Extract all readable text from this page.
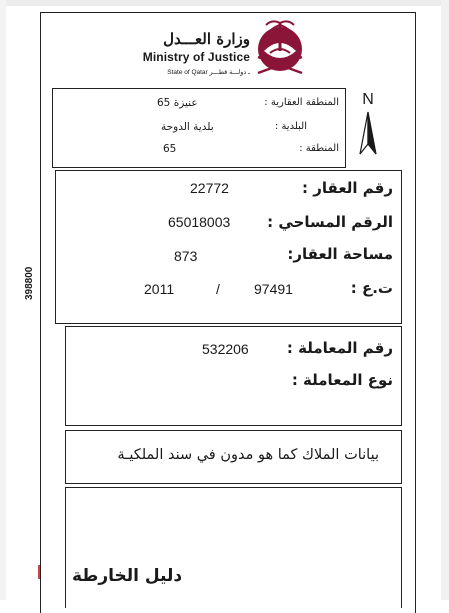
وزارة العـــدل
Ministry of Justice
State of Qatar ـ دولـــة قطـــر
398800
N
المنطقة العقارية :
عنيزة 65
البلدية :
بلدية الدوحة
المنطقة :
65
رقم العقار :
22772
الرقم المساحي :
65018003
مساحة العقار:
873
ت.ع :
97491
/
2011
رقم المعاملة :
532206
نوع المعاملة :
بيانات الملاك كما هو مدون في سند الملكيـة
دليل الخارطة
